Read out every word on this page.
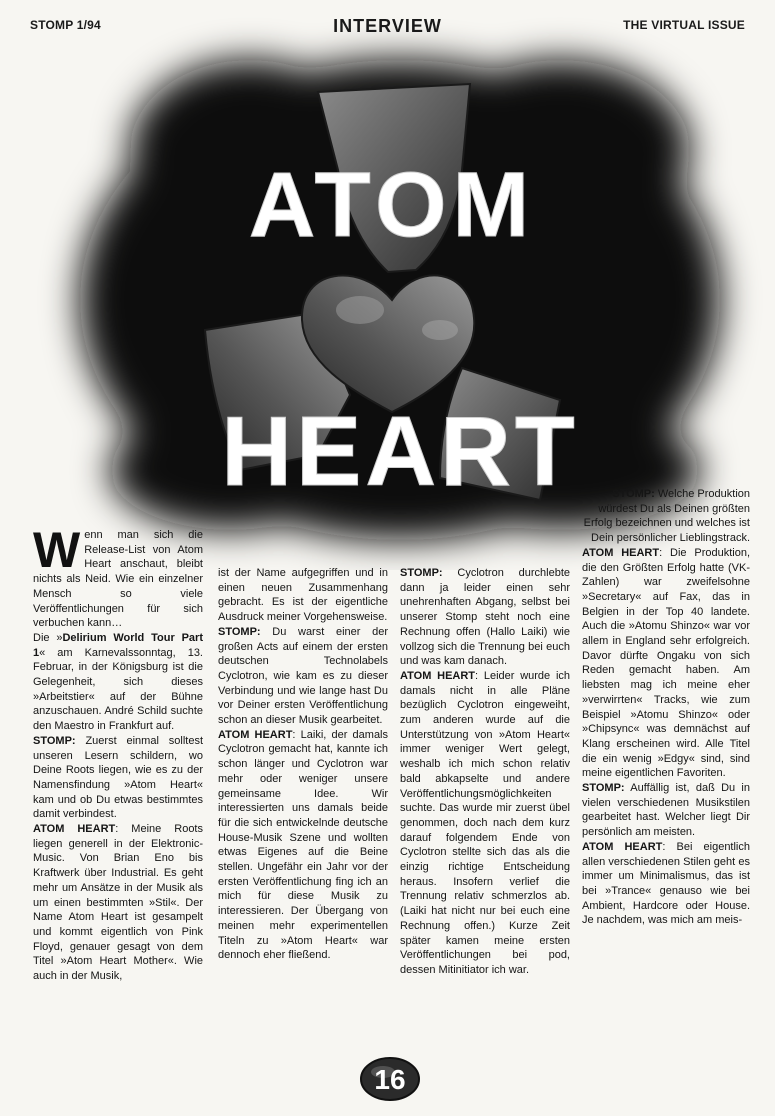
STOMP 1/94	INTERVIEW	THE VIRTUAL ISSUE
ATOM
HEART

Wenn man sich die Release-List von Atom Heart anschaut, bleibt nichts als Neid. Wie ein einzelner Mensch so viele Veröffentlichungen für sich verbuchen kann…

Die »Delirium World Tour Part 1« am Karnevalssonntag, 13. Februar, in der Königsburg ist die Gelegenheit, sich dieses »Arbeitstier« auf der Bühne anzuschauen. André Schild suchte den Maestro in Frankfurt auf.

STOMP: Zuerst einmal solltest unseren Lesern schildern, wo Deine Roots liegen, wie es zu der Namensfindung »Atom Heart« kam und ob Du etwas bestimmtes damit verbindest.

ATOM HEART: Meine Roots liegen generell in der Elektronic-Music. Von Brian Eno bis Kraftwerk über Industrial. Es geht mehr um Ansätze in der Musik als um einen bestimmten »Stil«. Der Name Atom Heart ist gesampelt und kommt eigentlich von Pink Floyd, genauer gesagt von dem Titel »Atom Heart Mother«. Wie auch in der Musik,

ist der Name aufgegriffen und in einen neuen Zusammenhang gebracht. Es ist der eigentliche Ausdruck meiner Vorgehensweise.

STOMP: Du warst einer der großen Acts auf einem der ersten deutschen Technolabels Cyclotron, wie kam es zu dieser Verbindung und wie lange hast Du vor Deiner ersten Veröffentlichung schon an dieser Musik gearbeitet.

ATOM HEART: Laiki, der damals Cyclotron gemacht hat, kannte ich schon länger und Cyclotron war mehr oder weniger unsere gemeinsame Idee. Wir interessierten uns damals beide für die sich entwickelnde deutsche House-Musik Szene und wollten etwas Eigenes auf die Beine stellen. Ungefähr ein Jahr vor der ersten Veröffentlichung fing ich an mich für diese Musik zu interessieren. Der Übergang von meinen mehr experimentellen Titeln zu »Atom Heart« war dennoch eher fließend.

STOMP: Cyclotron durchlebte dann ja leider einen sehr unehrenhaften Abgang, selbst bei unserer Stomp steht noch eine Rechnung offen (Hallo Laiki) wie vollzog sich die Trennung bei euch und was kam danach.

ATOM HEART: Leider wurde ich damals nicht in alle Pläne bezüglich Cyclotron eingeweiht, zum anderen wurde auf die Unterstützung von »Atom Heart« immer weniger Wert gelegt, weshalb ich mich schon relativ bald abkapselte und andere Veröffentlichungsmöglichkeiten suchte. Das wurde mir zuerst übel genommen, doch nach dem kurz darauf folgendem Ende von Cyclotron stellte sich das als die einzig richtige Entscheidung heraus. Insofern verlief die Trennung relativ schmerzlos ab. (Laiki hat nicht nur bei euch eine Rechnung offen.) Kurze Zeit später kamen meine ersten Veröffentlichungen bei pod, dessen Mitinitiator ich war.

STOMP: Welche Produktion würdest Du als Deinen größten Erfolg bezeichnen und welches ist Dein persönlicher Lieblingstrack.

ATOM HEART: Die Produktion, die den Größten Erfolg hatte (VK-Zahlen) war zweifelsohne »Secretary« auf Fax, das in Belgien in der Top 40 landete. Auch die »Atomu Shinzo« war vor allem in England sehr erfolgreich. Davor dürfte Ongaku von sich Reden gemacht haben. Am liebsten mag ich meine eher »verwirrten« Tracks, wie zum Beispiel »Atomu Shinzo« oder »Chipsync« was demnächst auf Klang erscheinen wird. Alle Titel die ein wenig »Edgy« sind, sind meine eigentlichen Favoriten.

STOMP: Auffällig ist, daß Du in vielen verschiedenen Musikstilen gearbeitet hast. Welcher liegt Dir persönlich am meisten.

ATOM HEART: Bei eigentlich allen verschiedenen Stilen geht es immer um Minimalismus, das ist bei »Trance« genauso wie bei Ambient, Hardcore oder House. Je nachdem, was mich am meis-

16
